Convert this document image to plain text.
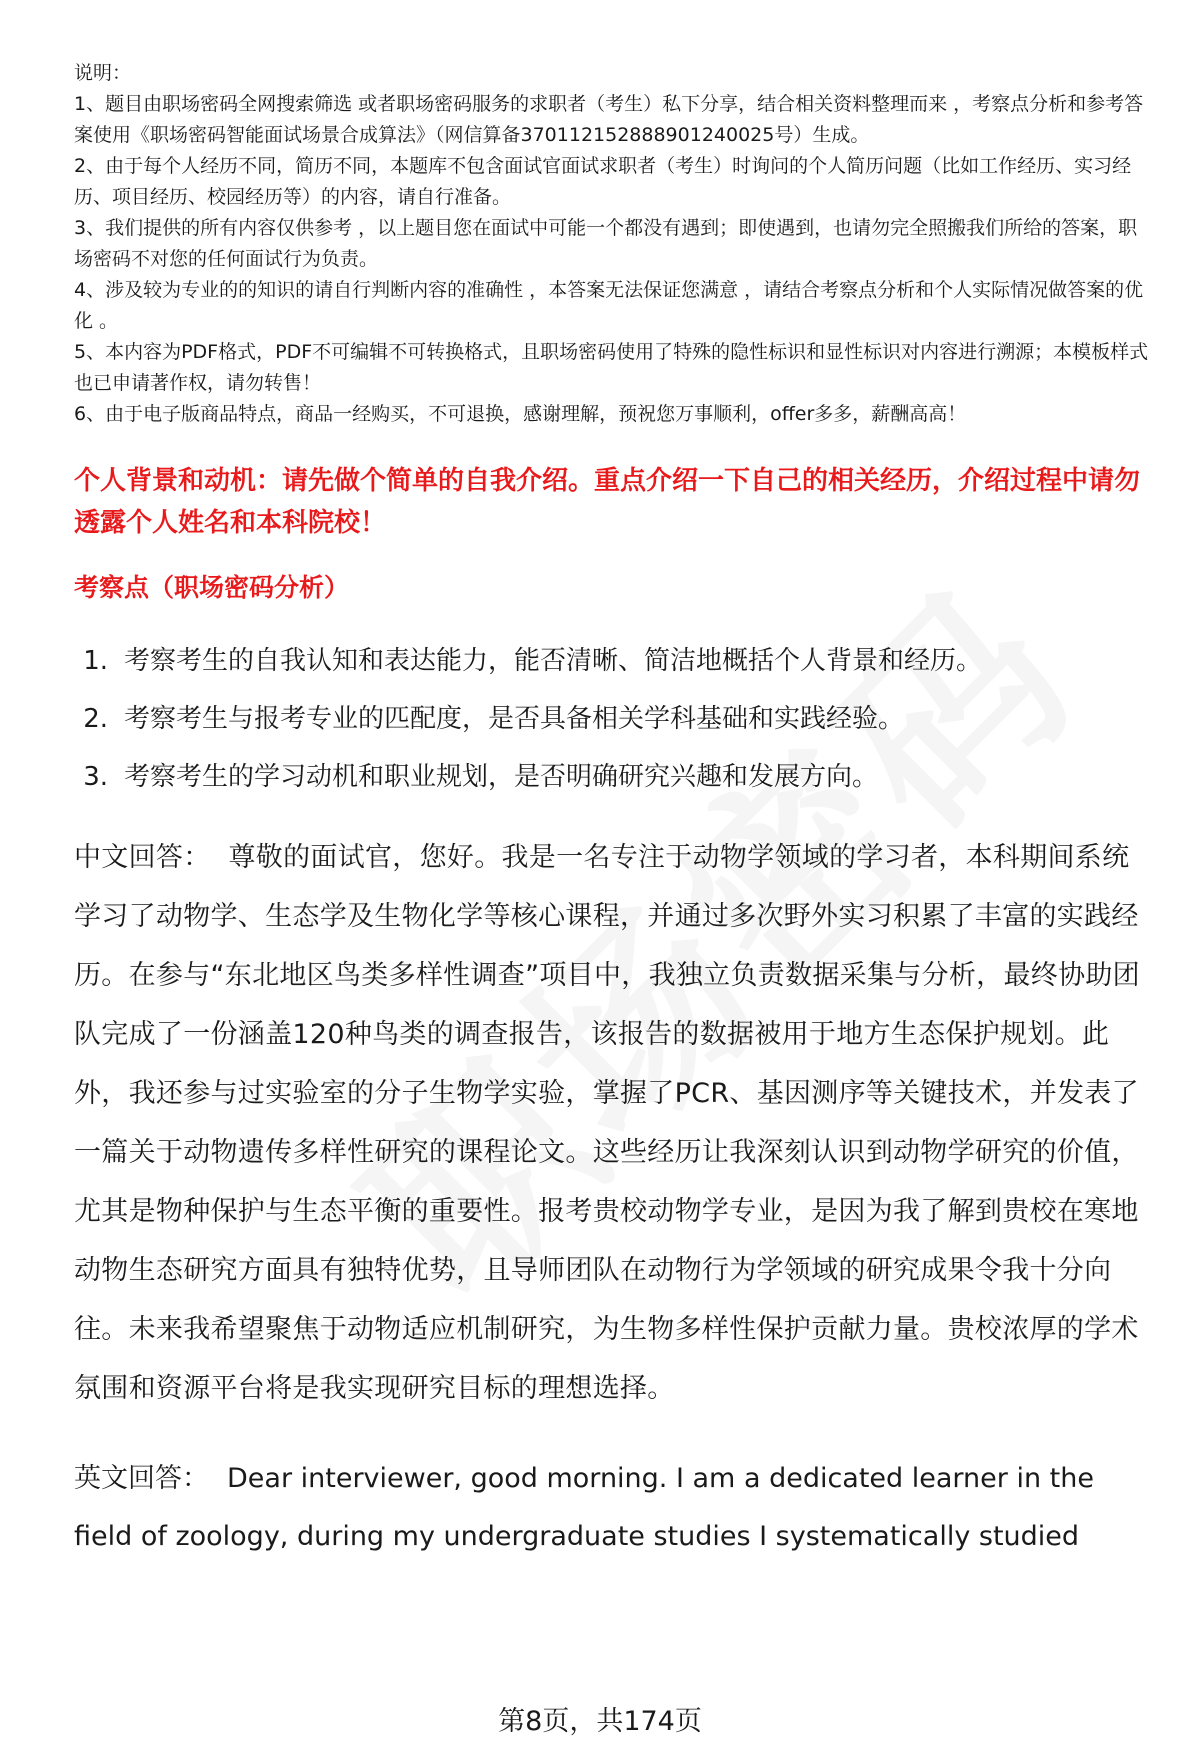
说明：

1、题目由职场密码全网搜索筛选 或者职场密码服务的求职者（考生）私下分享，结合相关资料整理而来 ，考察点分析和参考答案使用《职场密码智能面试场景合成算法》（网信算备370112152888901240025号）生成。
2、由于每个人经历不同，简历不同，本题库不包含面试官面试求职者（考生）时询问的个人简历问题（比如工作经历、实习经历、项目经历、校园经历等）的内容，请自行准备。
3、我们提供的所有内容仅供参考 ，以上题目您在面试中可能一个都没有遇到；即使遇到，也请勿完全照搬我们所给的答案，职场密码不对您的任何面试行为负责。
4、涉及较为专业的的知识的请自行判断内容的准确性 ，本答案无法保证您满意 ，请结合考察点分析和个人实际情况做答案的优化 。
5、本内容为PDF格式，PDF不可编辑不可转换格式，且职场密码使用了特殊的隐性标识和显性标识对内容进行溯源；本模板样式也已申请著作权，请勿转售！
6、由于电子版商品特点，商品一经购买，不可退换，感谢理解，预祝您万事顺利，offer多多，薪酬高高！
个人背景和动机：请先做个简单的自我介绍。重点介绍一下自己的相关经历，介绍过程中请勿透露个人姓名和本科院校！
考察点（职场密码分析）
1. 考察考生的自我认知和表达能力，能否清晰、简洁地概括个人背景和经历。
2. 考察考生与报考专业的匹配度，是否具备相关学科基础和实践经验。
3. 考察考生的学习动机和职业规划，是否明确研究兴趣和发展方向。

中文回答： 尊敬的面试官，您好。我是一名专注于动物学领域的学习者，本科期间系统学习了动物学、生态学及生物化学等核心课程，并通过多次野外实习积累了丰富的实践经历。在参与“东北地区鸟类多样性调查”项目中，我独立负责数据采集与分析，最终协助团队完成了一份涵盖120种鸟类的调查报告，该报告的数据被用于地方生态保护规划。此外，我还参与过实验室的分子生物学实验，掌握了PCR、基因测序等关键技术，并发表了一篇关于动物遗传多样性研究的课程论文。这些经历让我深刻认识到动物学研究的价值，尤其是物种保护与生态平衡的重要性。报考贵校动物学专业，是因为我了解到贵校在寒地动物生态研究方面具有独特优势，且导师团队在动物行为学领域的研究成果令我十分向往。未来我希望聚焦于动物适应机制研究，为生物多样性保护贡献力量。贵校浓厚的学术氛围和资源平台将是我实现研究目标的理想选择。

英文回答： Dear interviewer, good morning. I am a dedicated learner in the field of zoology, during my undergraduate studies I systematically studied

第8页，共174页
